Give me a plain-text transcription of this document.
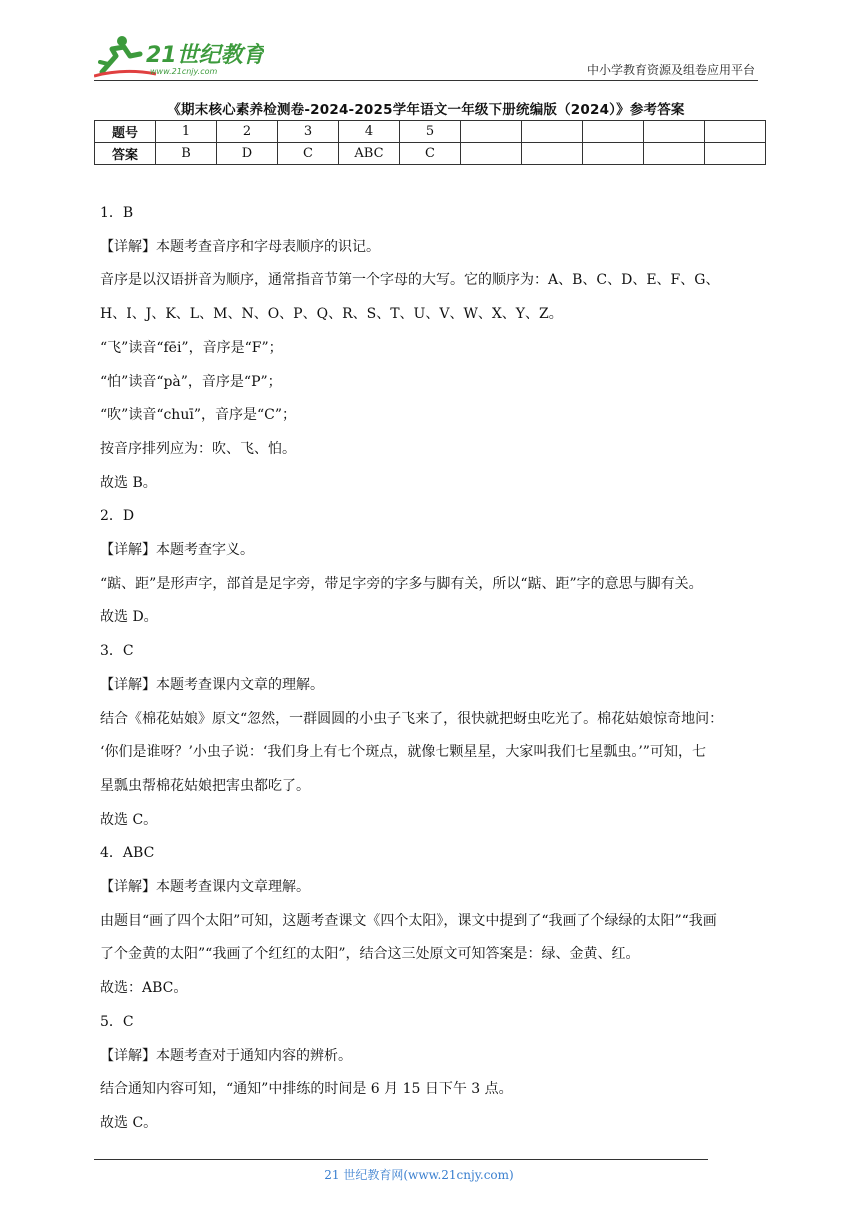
21世纪教育
www.21cnjy.com	中小学教育资源及组卷应用平台
《期末核心素养检测卷-2024-2025学年语文一年级下册统编版（2024）》参考答案
题号	1	2	3	4	5					
答案	B	D	C	ABC	C					

1．B

【详解】本题考查音序和字母表顺序的识记。

音序是以汉语拼音为顺序，通常指音节第一个字母的大写。它的顺序为：A、B、C、D、E、F、G、

H、I、J、K、L、M、N、O、P、Q、R、S、T、U、V、W、X、Y、Z。

“飞”读音“fēi”，音序是“F”；

“怕”读音“pà”，音序是“P”；

“吹”读音“chuī”，音序是“C”；

按音序排列应为：吹、飞、怕。

故选 B。

2．D

【详解】本题考查字义。

“踮、距”是形声字，部首是足字旁，带足字旁的字多与脚有关，所以“踮、距”字的意思与脚有关。

故选 D。

3．C

【详解】本题考查课内文章的理解。

结合《棉花姑娘》原文“忽然，一群圆圆的小虫子飞来了，很快就把蚜虫吃光了。棉花姑娘惊奇地问：

‘你们是谁呀？’小虫子说：‘我们身上有七个斑点，就像七颗星星，大家叫我们七星瓢虫。’”可知，七

星瓢虫帮棉花姑娘把害虫都吃了。

故选 C。

4．ABC

【详解】本题考查课内文章理解。

由题目“画了四个太阳”可知，这题考查课文《四个太阳》，课文中提到了“我画了个绿绿的太阳”“我画

了个金黄的太阳”“我画了个红红的太阳”，结合这三处原文可知答案是：绿、金黄、红。

故选：ABC。

5．C

【详解】本题考查对于通知内容的辨析。

结合通知内容可知，“通知”中排练的时间是 6 月 15 日下午 3 点。

故选 C。

21 世纪教育网(www.21cnjy.com)
